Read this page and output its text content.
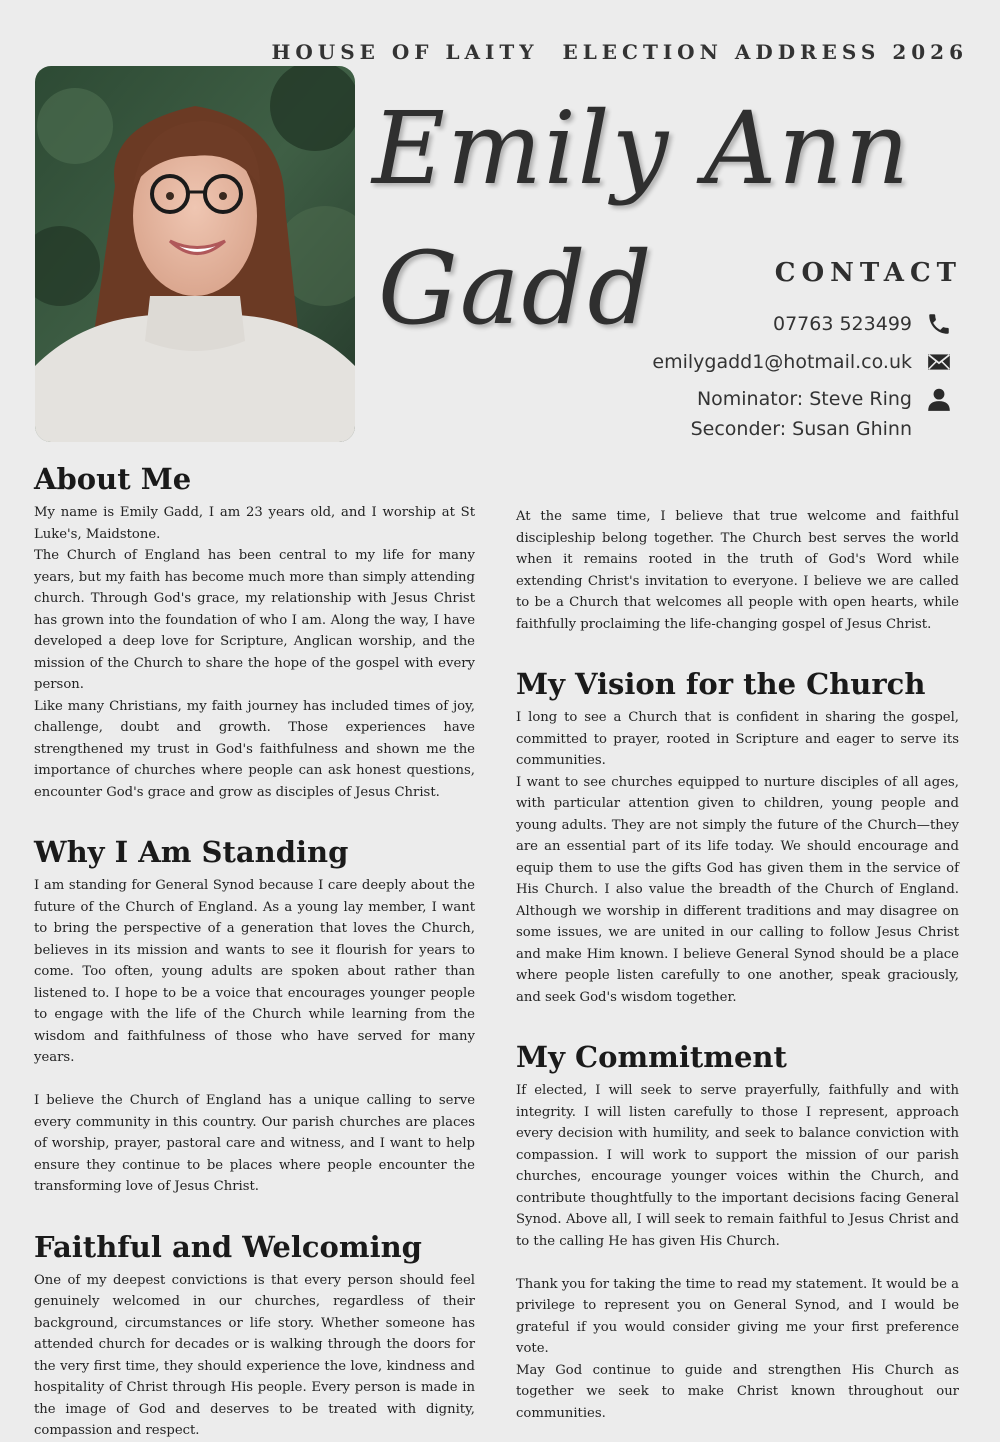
HOUSE OF LAITY  ELECTION ADDRESS 2026
Emily Ann
Gadd	CONTACT
07763 523499
emilygadd1@hotmail.co.uk
Nominator: Steve Ring
Seconder: Susan Ghinn
About Me

My name is Emily Gadd, I am 23 years old, and I worship at St Luke's, Maidstone.

The Church of England has been central to my life for many years, but my faith has become much more than simply attending church. Through God's grace, my relationship with Jesus Christ has grown into the foundation of who I am. Along the way, I have developed a deep love for Scripture, Anglican worship, and the mission of the Church to share the hope of the gospel with every person.

Like many Christians, my faith journey has included times of joy, challenge, doubt and growth. Those experiences have strengthened my trust in God's faithfulness and shown me the importance of churches where people can ask honest questions, encounter God's grace and grow as disciples of Jesus Christ.

Why I Am Standing

I am standing for General Synod because I care deeply about the future of the Church of England. As a young lay member, I want to bring the perspective of a generation that loves the Church, believes in its mission and wants to see it flourish for years to come. Too often, young adults are spoken about rather than listened to. I hope to be a voice that encourages younger people to engage with the life of the Church while learning from the wisdom and faithfulness of those who have served for many years.

I believe the Church of England has a unique calling to serve every community in this country. Our parish churches are places of worship, prayer, pastoral care and witness, and I want to help ensure they continue to be places where people encounter the transforming love of Jesus Christ.

Faithful and Welcoming

One of my deepest convictions is that every person should feel genuinely welcomed in our churches, regardless of their background, circumstances or life story. Whether someone has attended church for decades or is walking through the doors for the very first time, they should experience the love, kindness and hospitality of Christ through His people. Every person is made in the image of God and deserves to be treated with dignity, compassion and respect.

At the same time, I believe that true welcome and faithful discipleship belong together. The Church best serves the world when it remains rooted in the truth of God's Word while extending Christ's invitation to everyone. I believe we are called to be a Church that welcomes all people with open hearts, while faithfully proclaiming the life-changing gospel of Jesus Christ.

My Vision for the Church

I long to see a Church that is confident in sharing the gospel, committed to prayer, rooted in Scripture and eager to serve its communities.

I want to see churches equipped to nurture disciples of all ages, with particular attention given to children, young people and young adults. They are not simply the future of the Church—they are an essential part of its life today. We should encourage and equip them to use the gifts God has given them in the service of His Church. I also value the breadth of the Church of England. Although we worship in different traditions and may disagree on some issues, we are united in our calling to follow Jesus Christ and make Him known. I believe General Synod should be a place where people listen carefully to one another, speak graciously, and seek God's wisdom together.

My Commitment

If elected, I will seek to serve prayerfully, faithfully and with integrity. I will listen carefully to those I represent, approach every decision with humility, and seek to balance conviction with compassion. I will work to support the mission of our parish churches, encourage younger voices within the Church, and contribute thoughtfully to the important decisions facing General Synod. Above all, I will seek to remain faithful to Jesus Christ and to the calling He has given His Church.

Thank you for taking the time to read my statement. It would be a privilege to represent you on General Synod, and I would be grateful if you would consider giving me your first preference vote.

May God continue to guide and strengthen His Church as together we seek to make Christ known throughout our communities.
